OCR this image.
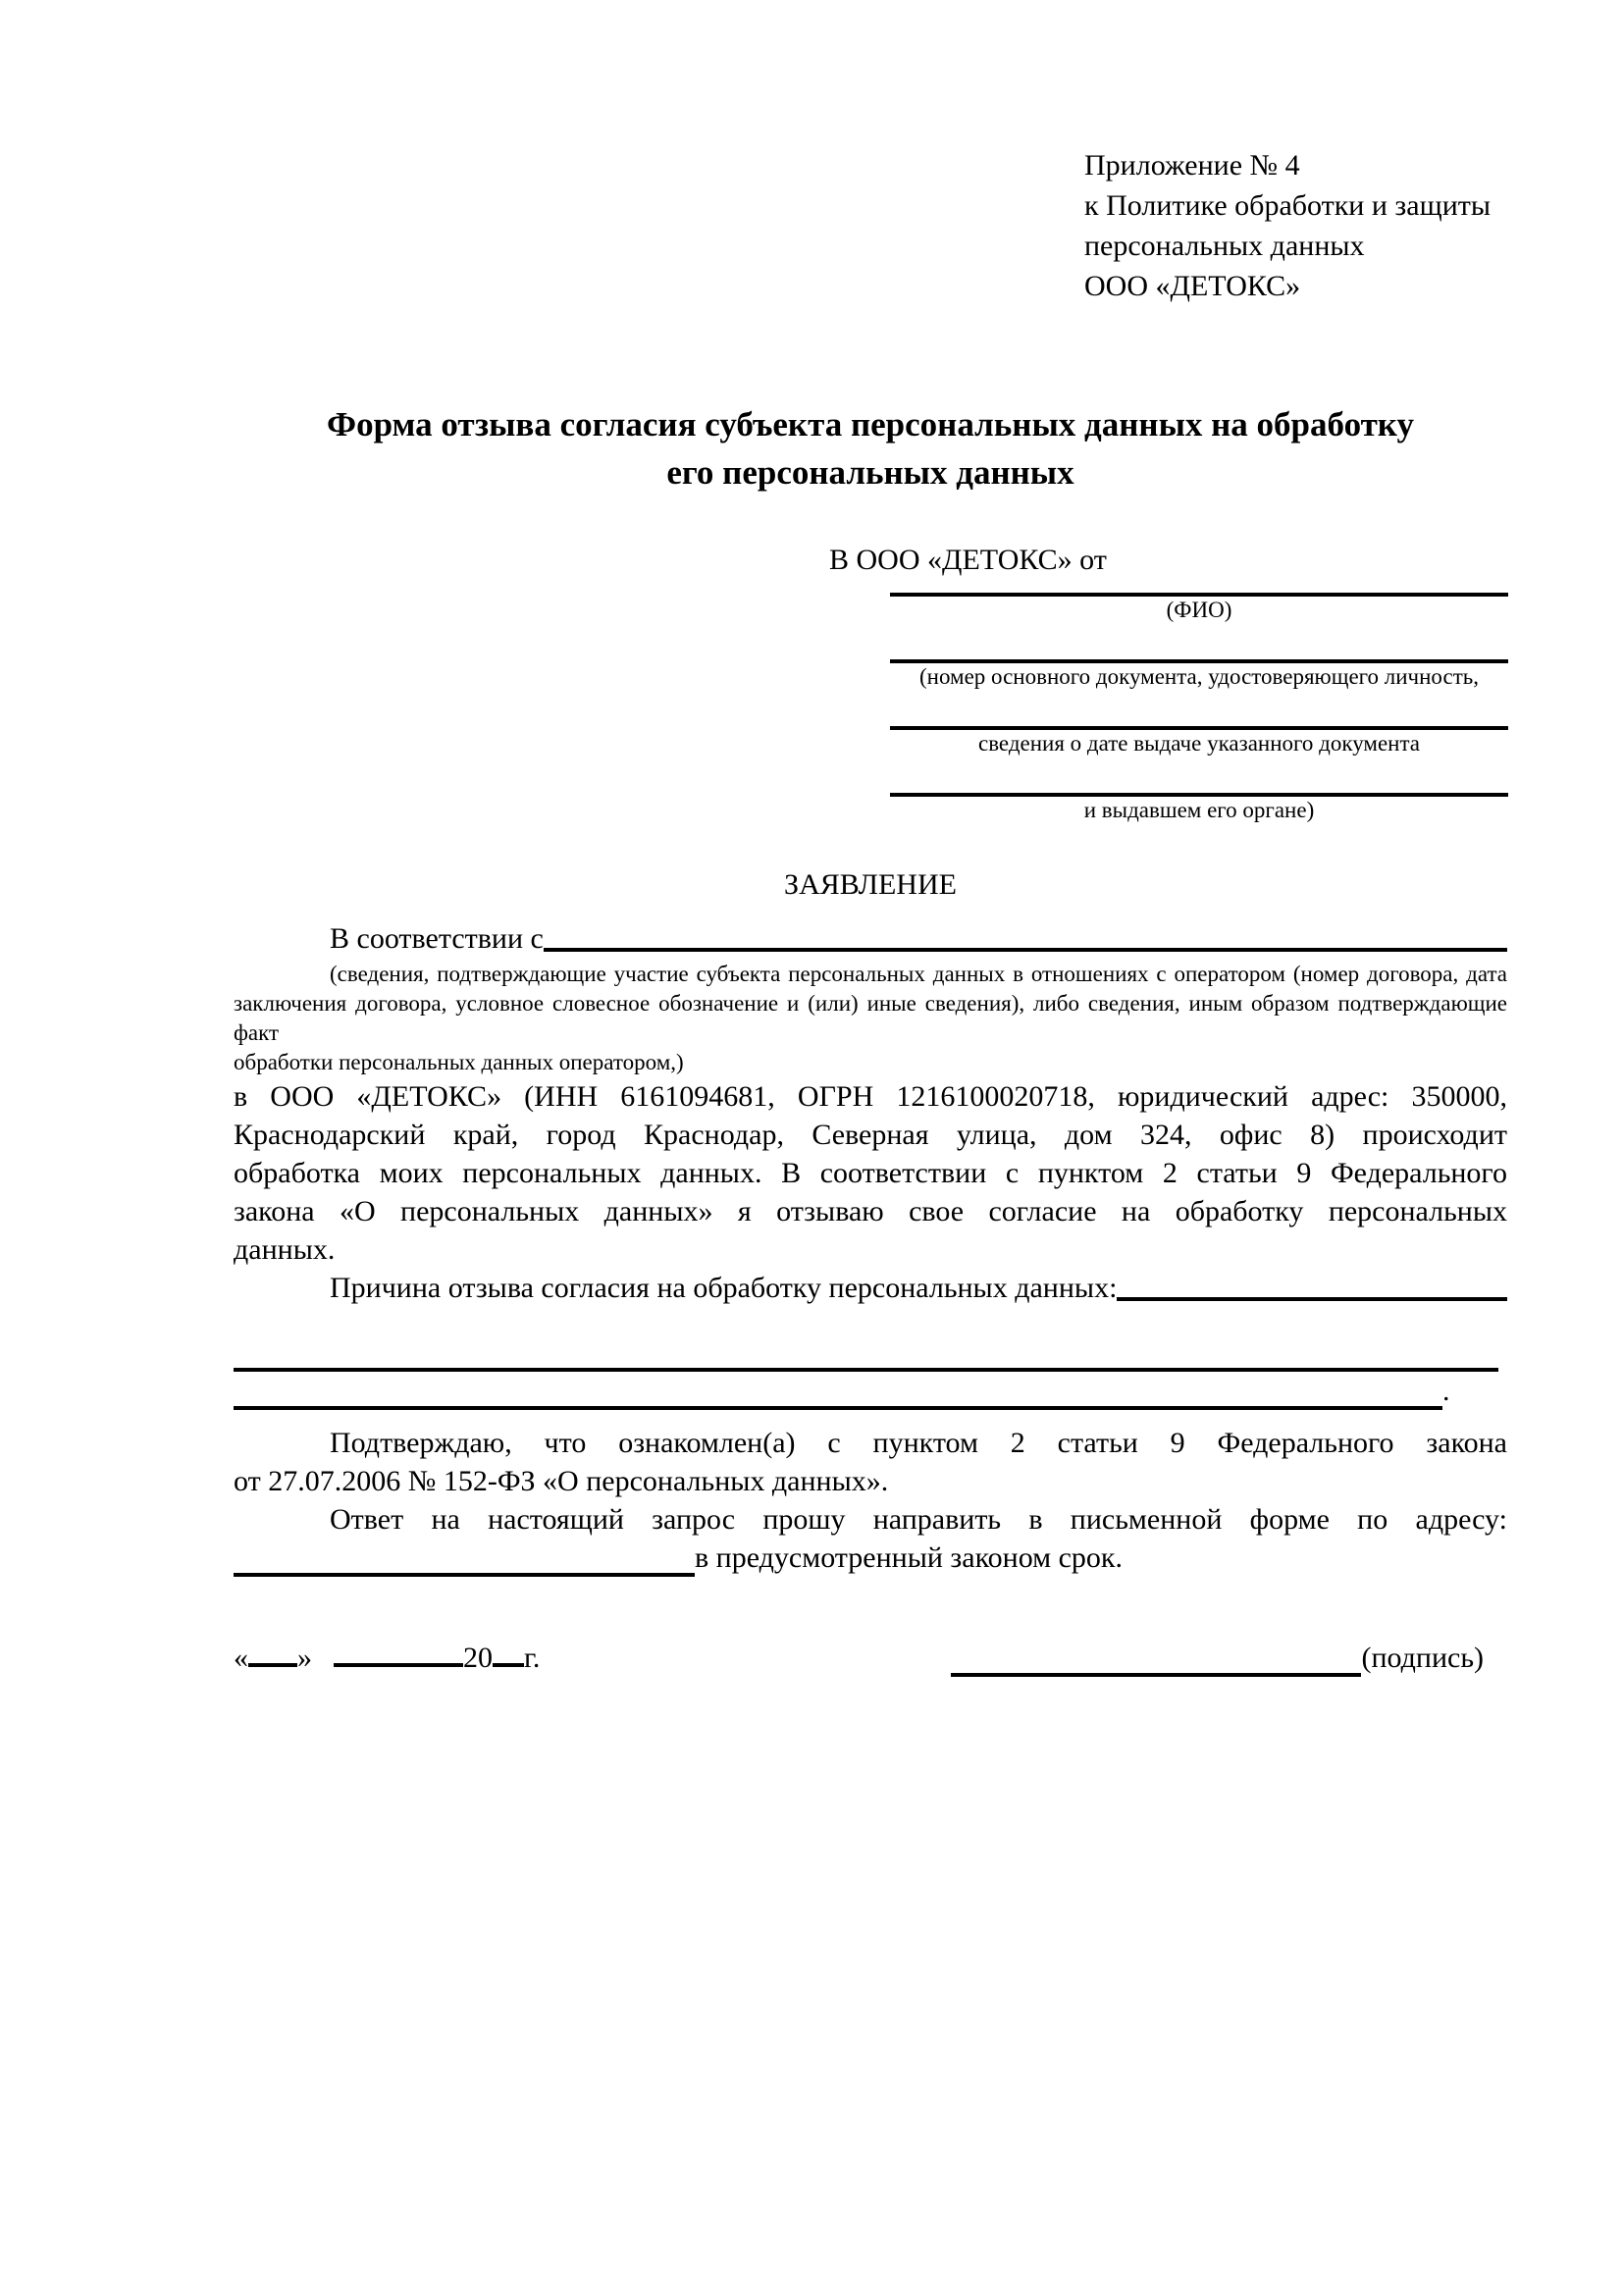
Приложение № 4
к Политике обработки и защиты
персональных данных
ООО «ДЕТОКС»
Форма отзыва согласия субъекта персональных данных на обработку
его персональных данных
В ООО «ДЕТОКС» от
(ФИО)
(номер основного документа, удостоверяющего личность,
сведения о дате выдаче указанного документа
и выдавшем его органе)
ЗАЯВЛЕНИЕ
В соответствии с
(сведения, подтверждающие участие субъекта персональных данных в отношениях с оператором (номер договора, дата
заключения договора, условное словесное обозначение и (или) иные сведения), либо сведения, иным образом подтверждающие факт
обработки персональных данных оператором,)
в ООО «ДЕТОКС» (ИНН 6161094681, ОГРН 1216100020718, юридический адрес: 350000,
Краснодарский край, город Краснодар, Северная улица, дом 324, офис 8) происходит
обработка моих персональных данных. В соответствии с пунктом 2 статьи 9 Федерального
закона «О персональных данных» я отзываю свое согласие на обработку персональных
данных.
Причина отзыва согласия на обработку персональных данных:
.
Подтверждаю, что ознакомлен(а) с пунктом 2 статьи 9 Федерального закона
от 27.07.2006 № 152-ФЗ «О персональных данных».
Ответ на настоящий запрос прошу направить в письменной форме по адресу:
в предусмотренный законом срок.
« »	20 г.	(подпись)
